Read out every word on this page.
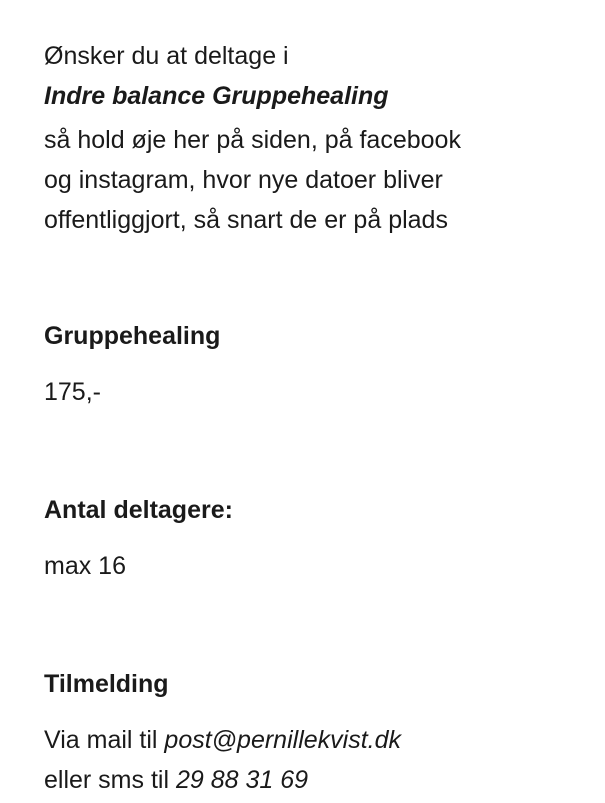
Ønsker du at deltage i

Indre balance Gruppehealing

så hold øje her på siden, på facebook

og instagram, hvor nye datoer bliver

offentliggjort, så snart de er på plads

Gruppehealing

175,-

Antal deltagere:

max 16

Tilmelding

Via mail til post@pernillekvist.dk

eller sms til 29 88 31 69
